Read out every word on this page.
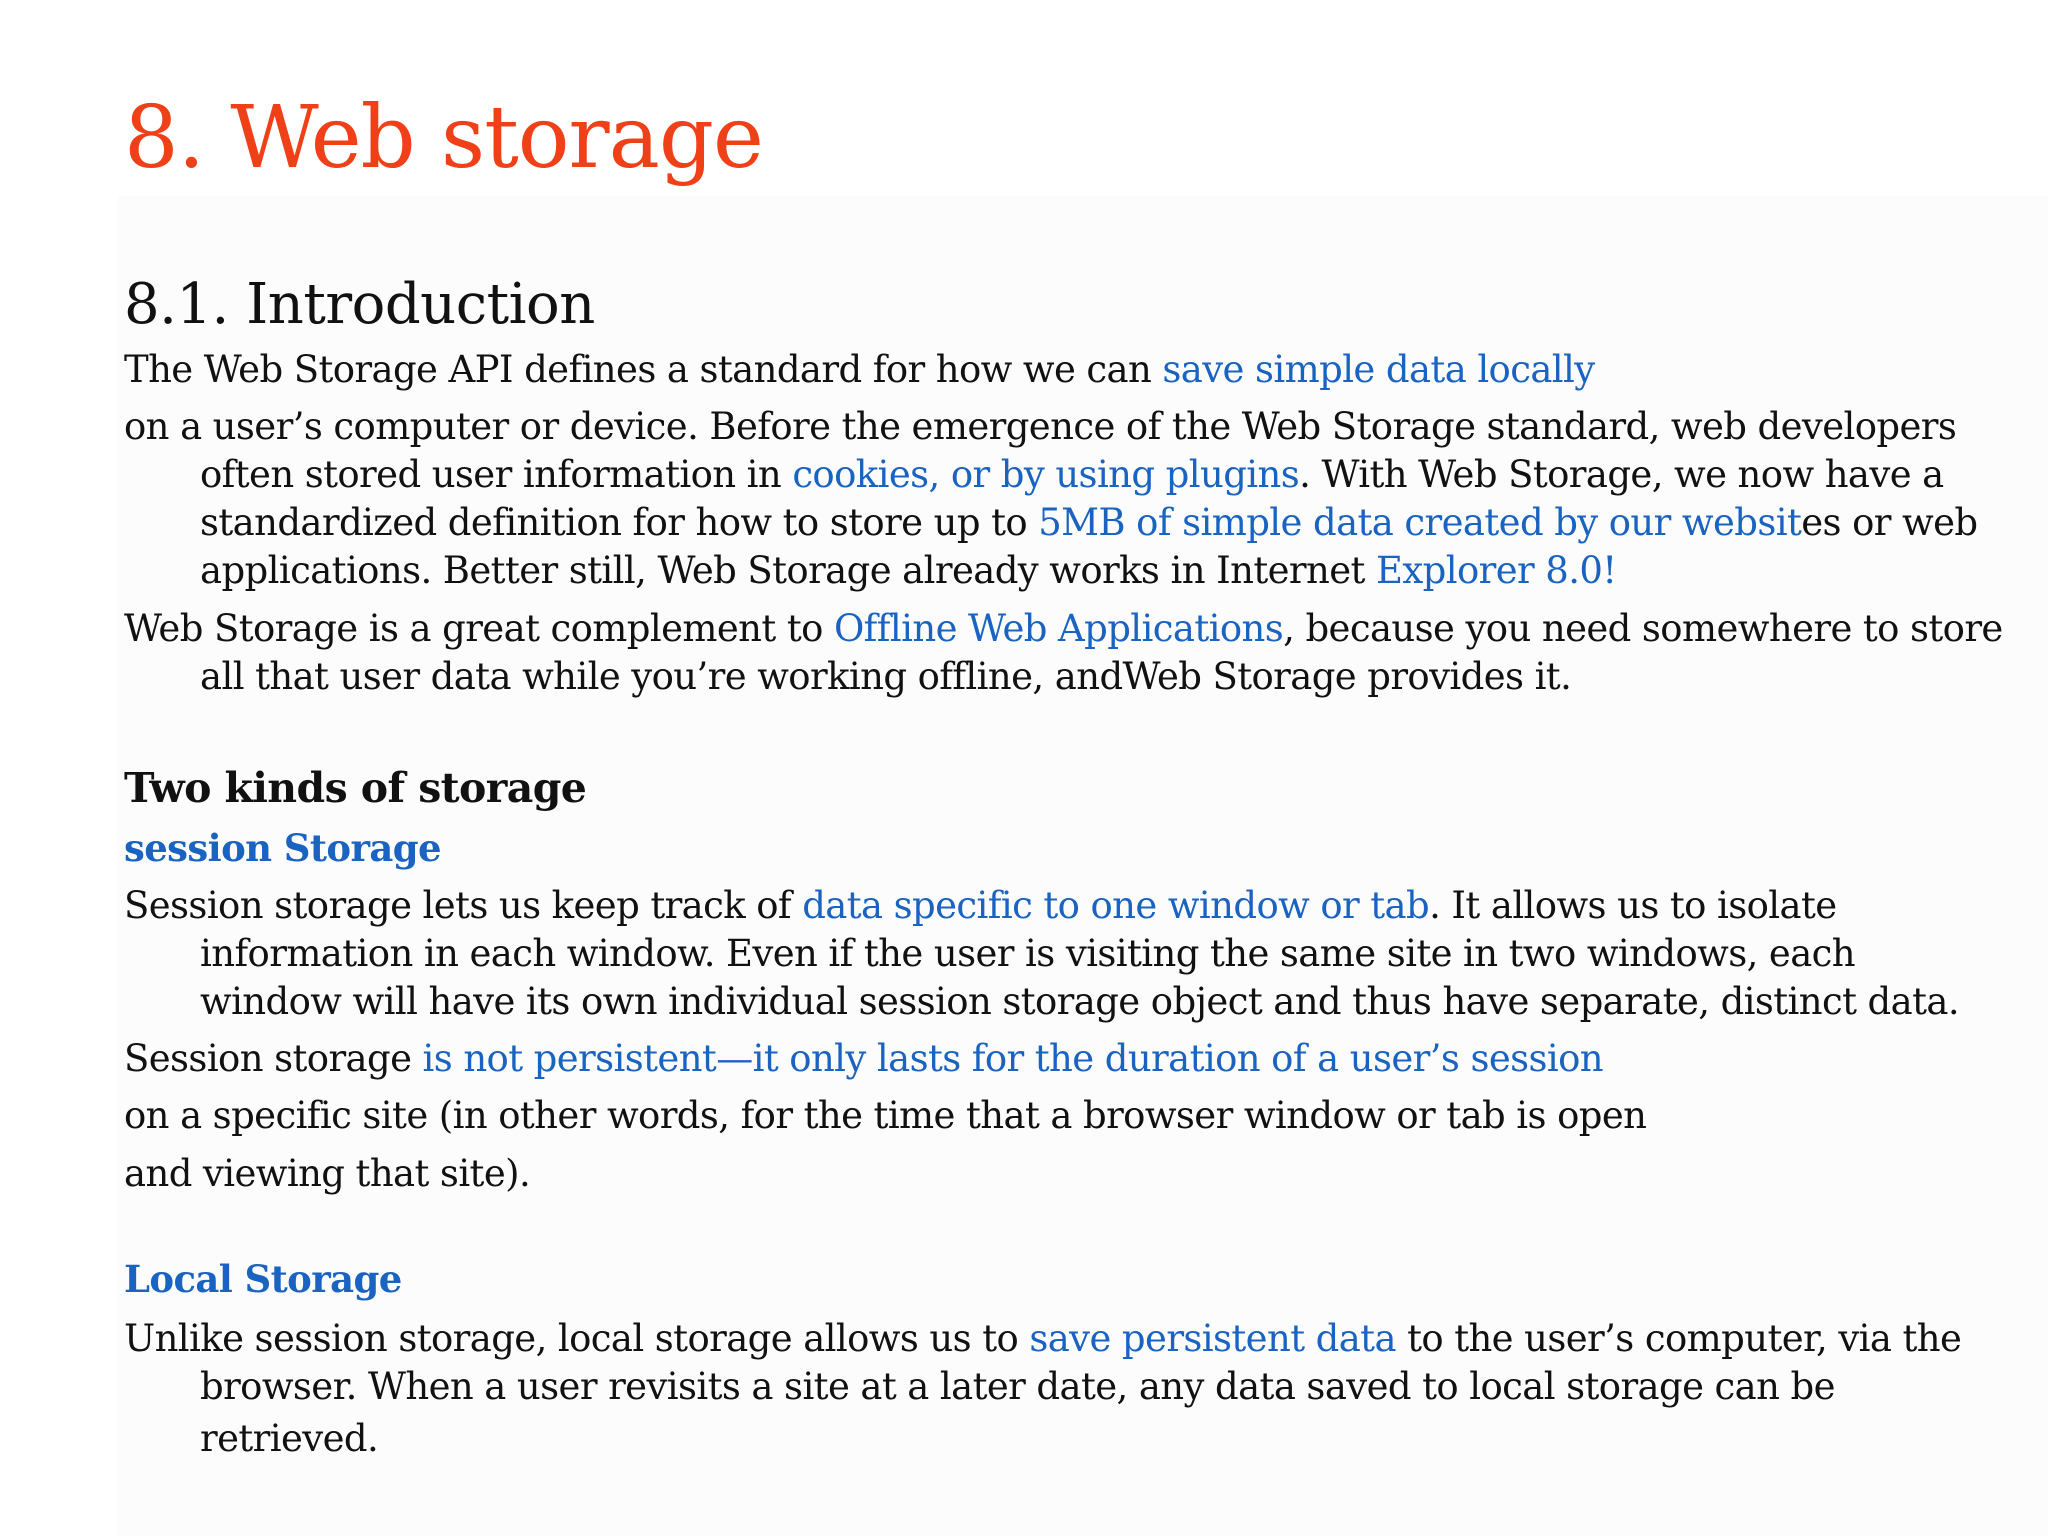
8. Web storage
8.1. Introduction
The Web Storage API defines a standard for how we can save simple data locally
on a user’s computer or device. Before the emergence of the Web Storage standard, web developers
often stored user information in cookies, or by using plugins. With Web Storage, we now have a
standardized definition for how to store up to 5MB of simple data created by our websites or web
applications. Better still, Web Storage already works in Internet Explorer 8.0!
Web Storage is a great complement to Offline Web Applications, because you need somewhere to store
all that user data while you’re working offline, andWeb Storage provides it.
Two kinds of storage
session Storage
Session storage lets us keep track of data specific to one window or tab. It allows us to isolate
information in each window. Even if the user is visiting the same site in two windows, each
window will have its own individual session storage object and thus have separate, distinct data.
Session storage is not persistent—it only lasts for the duration of a user’s session
on a specific site (in other words, for the time that a browser window or tab is open
and viewing that site).
Local Storage
Unlike session storage, local storage allows us to save persistent data to the user’s computer, via the
browser. When a user revisits a site at a later date, any data saved to local storage can be
retrieved.
